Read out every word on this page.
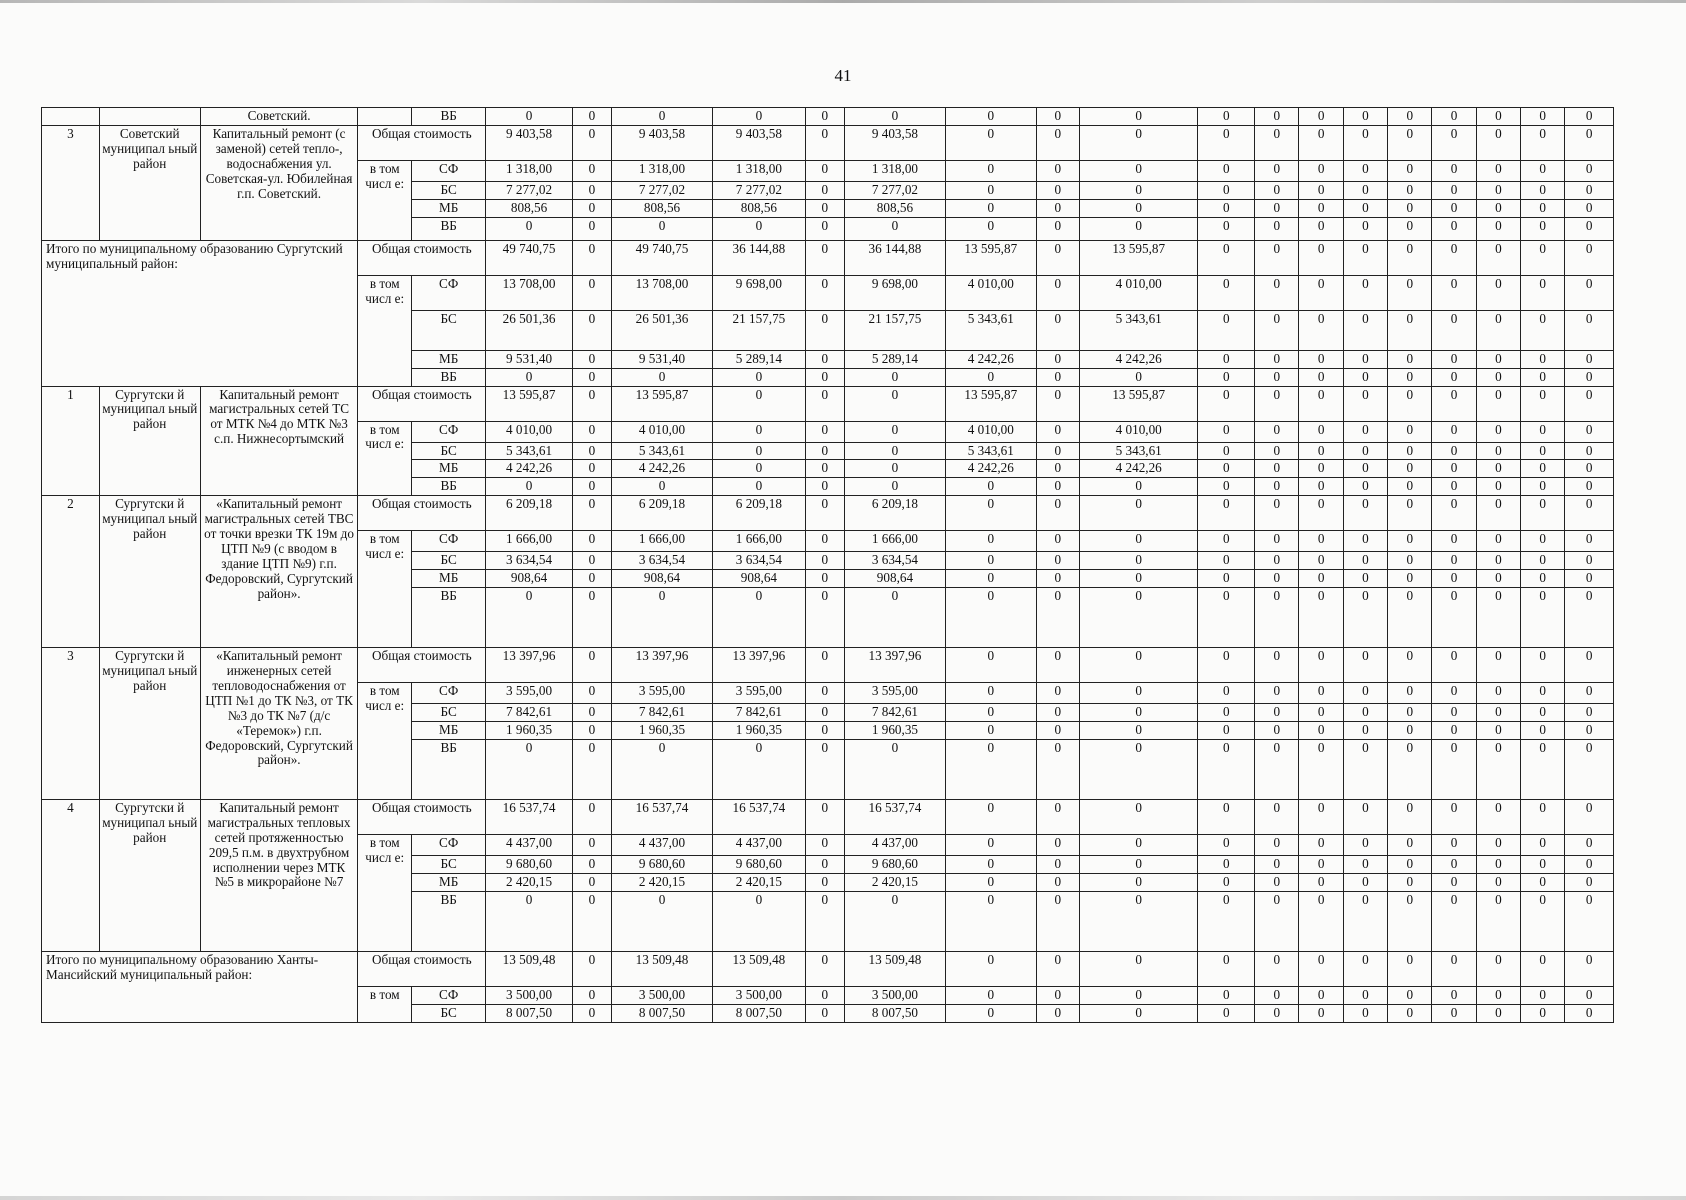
41
		Советский.		ВБ	0	0	0	0	0	0	0	0	0	0	0	0	0	0	0	0	0	0
3	Советский муниципал ьный район	Капитальный ремонт (с заменой) сетей тепло-, водоснабжения ул. Советская-ул. Юбилейная г.п. Советский.	Общая стоимость		9 403,58	0	9 403,58	9 403,58	0	9 403,58	0	0	0	0	0	0	0	0	0	0	0	0
			в том числ е:	СФ	1 318,00	0	1 318,00	1 318,00	0	1 318,00	0	0	0	0	0	0	0	0	0	0	0	0
				БС	7 277,02	0	7 277,02	7 277,02	0	7 277,02	0	0	0	0	0	0	0	0	0	0	0	0
				МБ	808,56	0	808,56	808,56	0	808,56	0	0	0	0	0	0	0	0	0	0	0	0
				ВБ	0	0	0	0	0	0	0	0	0	0	0	0	0	0	0	0	0	0
Итого по муниципальному образованию Сургутский муниципальный район:			Общая стоимость		49 740,75	0	49 740,75	36 144,88	0	36 144,88	13 595,87	0	13 595,87	0	0	0	0	0	0	0	0	0
			в том числ е:	СФ	13 708,00	0	13 708,00	9 698,00	0	9 698,00	4 010,00	0	4 010,00	0	0	0	0	0	0	0	0	0
				БС	26 501,36	0	26 501,36	21 157,75	0	21 157,75	5 343,61	0	5 343,61	0	0	0	0	0	0	0	0	0
				МБ	9 531,40	0	9 531,40	5 289,14	0	5 289,14	4 242,26	0	4 242,26	0	0	0	0	0	0	0	0	0
				ВБ	0	0	0	0	0	0	0	0	0	0	0	0	0	0	0	0	0	0
1	Сургутски й муниципал ьный район	Капитальный ремонт магистральных сетей ТС от МТК №4 до МТК №3 с.п. Нижнесортымский	Общая стоимость		13 595,87	0	13 595,87	0	0	0	13 595,87	0	13 595,87	0	0	0	0	0	0	0	0	0
			в том числ е:	СФ	4 010,00	0	4 010,00	0	0	0	4 010,00	0	4 010,00	0	0	0	0	0	0	0	0	0
				БС	5 343,61	0	5 343,61	0	0	0	5 343,61	0	5 343,61	0	0	0	0	0	0	0	0	0
				МБ	4 242,26	0	4 242,26	0	0	0	4 242,26	0	4 242,26	0	0	0	0	0	0	0	0	0
				ВБ	0	0	0	0	0	0	0	0	0	0	0	0	0	0	0	0	0	0
2	Сургутски й муниципал ьный район	«Капитальный ремонт магистральных сетей ТВС от точки врезки ТК 19м до ЦТП №9 (с вводом в здание ЦТП №9) г.п. Федоровский, Сургутский район».	Общая стоимость		6 209,18	0	6 209,18	6 209,18	0	6 209,18	0	0	0	0	0	0	0	0	0	0	0	0
			в том числ е:	СФ	1 666,00	0	1 666,00	1 666,00	0	1 666,00	0	0	0	0	0	0	0	0	0	0	0	0
				БС	3 634,54	0	3 634,54	3 634,54	0	3 634,54	0	0	0	0	0	0	0	0	0	0	0	0
				МБ	908,64	0	908,64	908,64	0	908,64	0	0	0	0	0	0	0	0	0	0	0	0
				ВБ	0	0	0	0	0	0	0	0	0	0	0	0	0	0	0	0	0	0
3	Сургутски й муниципал ьный район	«Капитальный ремонт инженерных сетей тепловодоснабжения от ЦТП №1 до ТК №3, от ТК №3 до ТК №7 (д/с «Теремок») г.п. Федоровский, Сургутский район».	Общая стоимость		13 397,96	0	13 397,96	13 397,96	0	13 397,96	0	0	0	0	0	0	0	0	0	0	0	0
			в том числ е:	СФ	3 595,00	0	3 595,00	3 595,00	0	3 595,00	0	0	0	0	0	0	0	0	0	0	0	0
				БС	7 842,61	0	7 842,61	7 842,61	0	7 842,61	0	0	0	0	0	0	0	0	0	0	0	0
				МБ	1 960,35	0	1 960,35	1 960,35	0	1 960,35	0	0	0	0	0	0	0	0	0	0	0	0
				ВБ	0	0	0	0	0	0	0	0	0	0	0	0	0	0	0	0	0	0
4	Сургутски й муниципал ьный район	Капитальный ремонт магистральных тепловых сетей протяженностью 209,5 п.м. в двухтрубном исполнении через МТК №5 в микрорайоне №7	Общая стоимость		16 537,74	0	16 537,74	16 537,74	0	16 537,74	0	0	0	0	0	0	0	0	0	0	0	0
			в том числ е:	СФ	4 437,00	0	4 437,00	4 437,00	0	4 437,00	0	0	0	0	0	0	0	0	0	0	0	0
				БС	9 680,60	0	9 680,60	9 680,60	0	9 680,60	0	0	0	0	0	0	0	0	0	0	0	0
				МБ	2 420,15	0	2 420,15	2 420,15	0	2 420,15	0	0	0	0	0	0	0	0	0	0	0	0
				ВБ	0	0	0	0	0	0	0	0	0	0	0	0	0	0	0	0	0	0
Итого по муниципальному образованию Ханты-Мансийский муниципальный район:			Общая стоимость		13 509,48	0	13 509,48	13 509,48	0	13 509,48	0	0	0	0	0	0	0	0	0	0	0	0
			в том	СФ	3 500,00	0	3 500,00	3 500,00	0	3 500,00	0	0	0	0	0	0	0	0	0	0	0	0
				БС	8 007,50	0	8 007,50	8 007,50	0	8 007,50	0	0	0	0	0	0	0	0	0	0	0	0
